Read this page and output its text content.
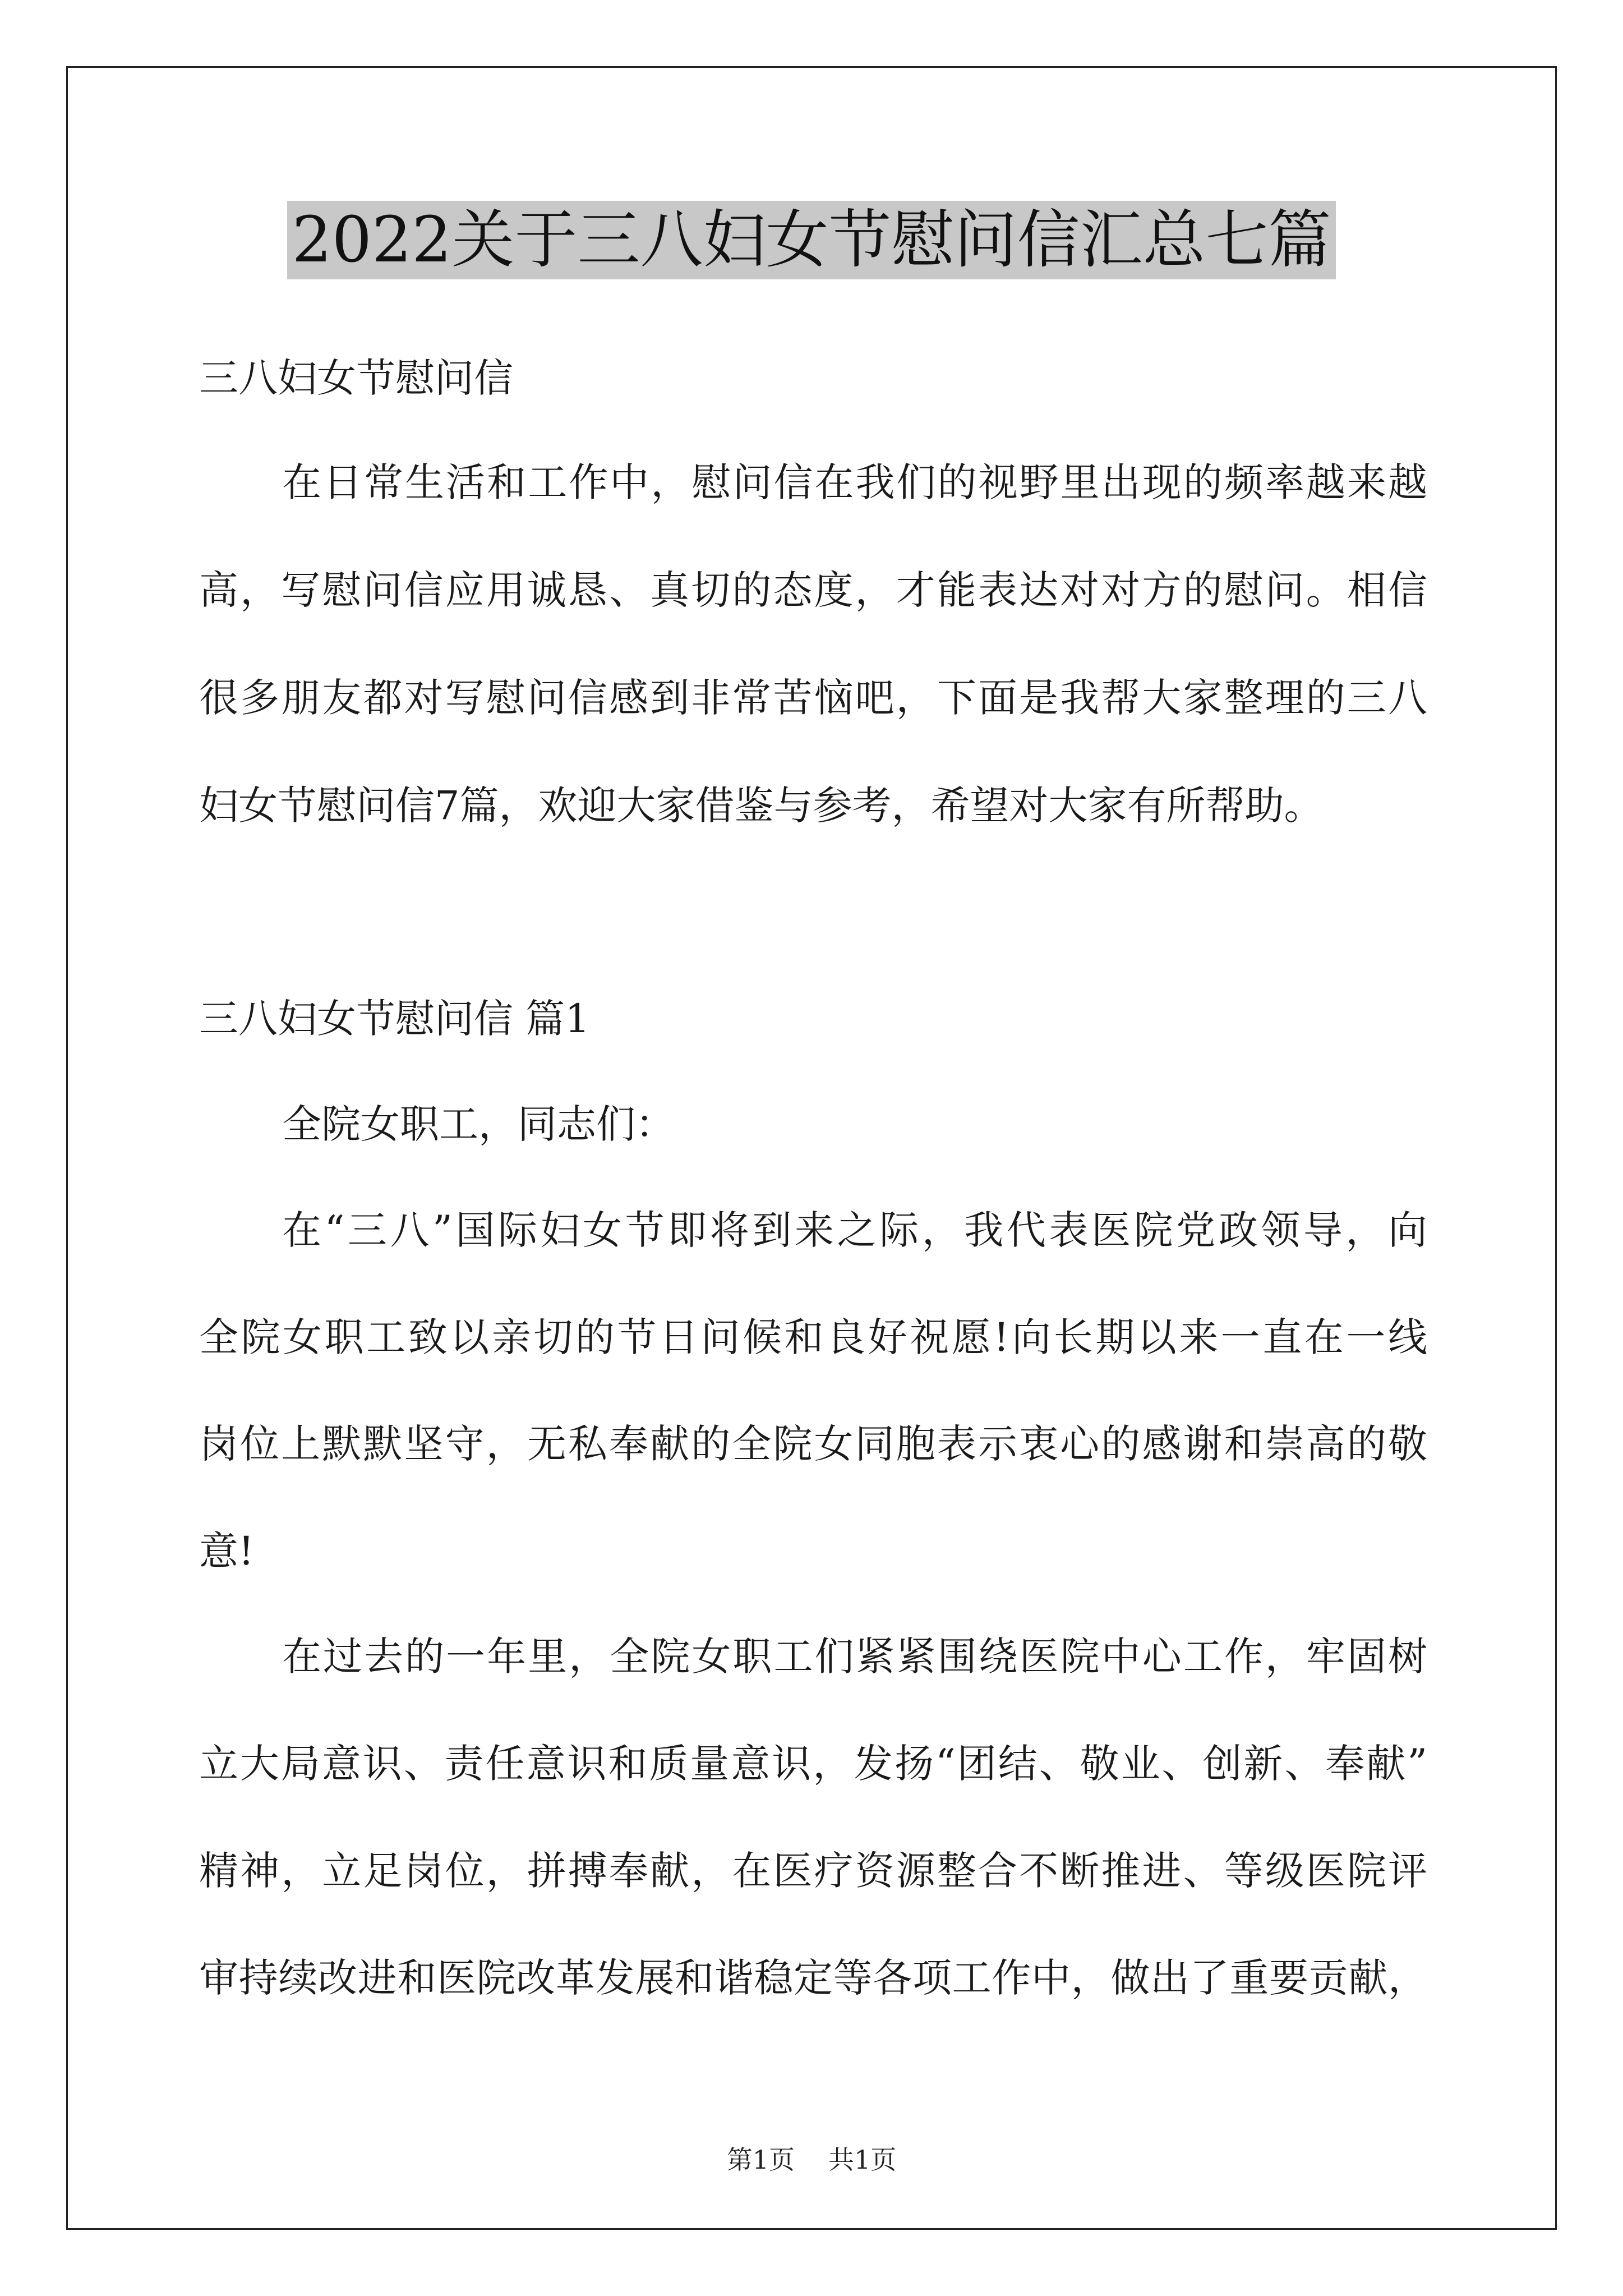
2022关于三八妇女节慰问信汇总七篇
三八妇女节慰问信
在日常生活和工作中，慰问信在我们的视野里出现的频率越来越
高，写慰问信应用诚恳、真切的态度，才能表达对对方的慰问。相信
很多朋友都对写慰问信感到非常苦恼吧，下面是我帮大家整理的三八
妇女节慰问信7篇，欢迎大家借鉴与参考，希望对大家有所帮助。
三八妇女节慰问信 篇1
全院女职工，同志们：
在“三八”国际妇女节即将到来之际，我代表医院党政领导，向
全院女职工致以亲切的节日问候和良好祝愿!向长期以来一直在一线
岗位上默默坚守，无私奉献的全院女同胞表示衷心的感谢和崇高的敬
意!
在过去的一年里，全院女职工们紧紧围绕医院中心工作，牢固树
立大局意识、责任意识和质量意识，发扬“团结、敬业、创新、奉献”
精神，立足岗位，拼搏奉献，在医疗资源整合不断推进、等级医院评
审持续改进和医院改革发展和谐稳定等各项工作中，做出了重要贡献，
第1页 共1页
